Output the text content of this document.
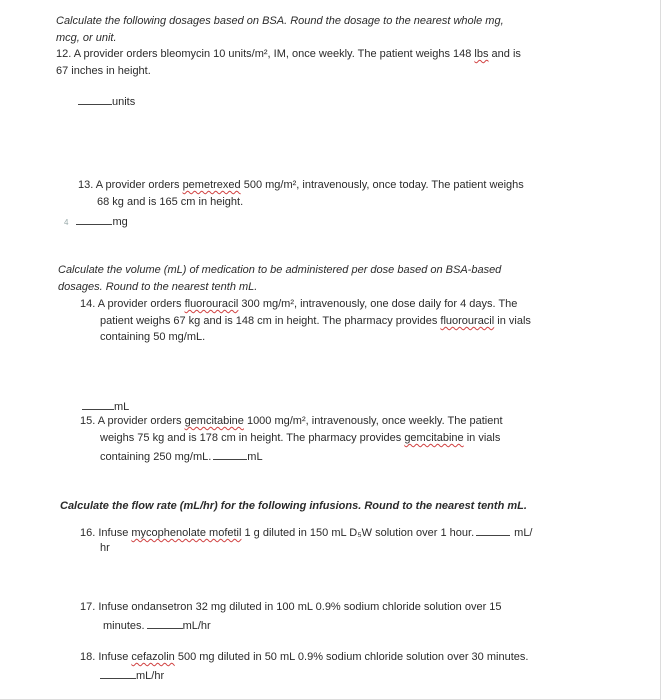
Calculate the following dosages based on BSA. Round the dosage to the nearest whole mg,
mcg, or unit.
12. A provider orders bleomycin 10 units/m², IM, once weekly. The patient weighs 148 lbs and is
67 inches in height.
units
13. A provider orders pemetrexed 500 mg/m², intravenously, once today. The patient weighs
68 kg and is 165 cm in height.
4	mg
Calculate the volume (mL) of medication to be administered per dose based on BSA-based
dosages. Round to the nearest tenth mL.
14. A provider orders fluorouracil 300 mg/m², intravenously, one dose daily for 4 days. The
patient weighs 67 kg and is 148 cm in height. The pharmacy provides fluorouracil in vials
containing 50 mg/mL.
mL
15. A provider orders gemcitabine 1000 mg/m², intravenously, once weekly. The patient
weighs 75 kg and is 178 cm in height. The pharmacy provides gemcitabine in vials
containing 250 mg/mL.	mL
Calculate the flow rate (mL/hr) for the following infusions. Round to the nearest tenth mL.
16. Infuse mycophenolate mofetil 1 g diluted in 150 mL D₅W solution over 1 hour.	mL/
hr
17. Infuse ondansetron 32 mg diluted in 100 mL 0.9% sodium chloride solution over 15
minutes.	mL/hr
18. Infuse cefazolin 500 mg diluted in 50 mL 0.9% sodium chloride solution over 30 minutes.
mL/hr
